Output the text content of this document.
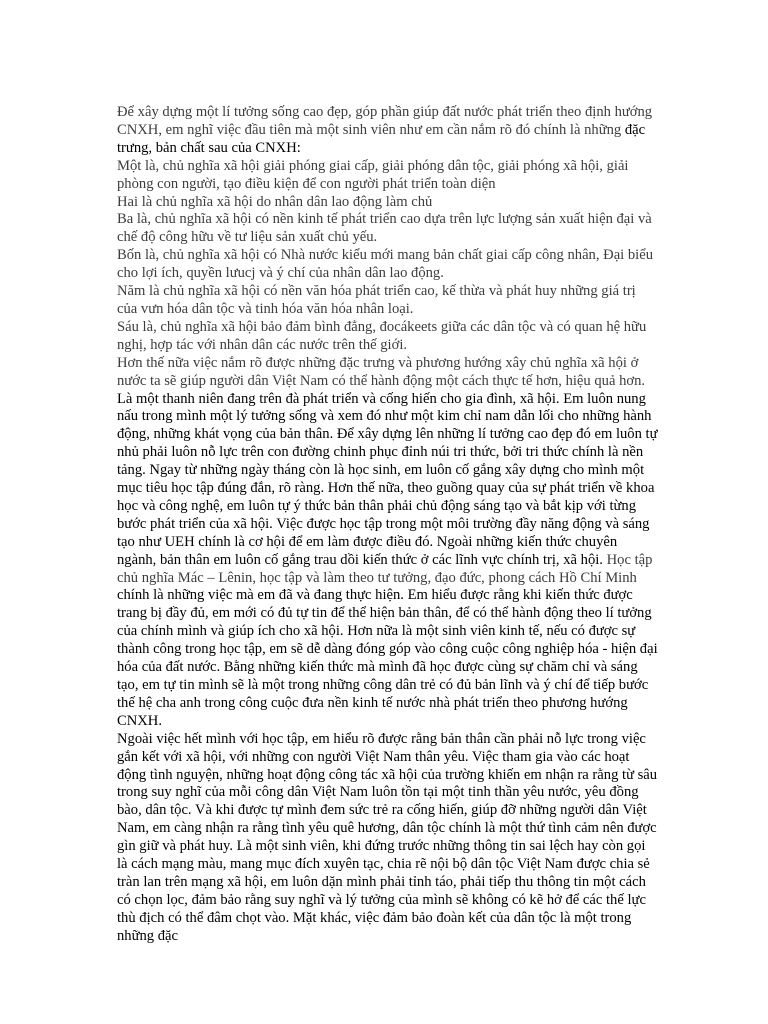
Để xây dựng một lí tưởng sống cao đẹp, góp phần giúp đất nước phát triển theo định hướng CNXH, em nghĩ việc đầu tiên mà một sinh viên như em cần nắm rõ đó chính là những đặc trưng, bản chất sau của CNXH:

Một là, chủ nghĩa xã hội giải phóng giai cấp, giải phóng dân tộc, giải phóng xã hội, giải phòng con người, tạo điều kiện để con người phát triển toàn diện

Hai là chủ nghĩa xã hội do nhân dân lao động làm chủ

Ba là, chủ nghĩa xã hội có nền kinh tế phát triển cao dựa trên lực lượng sản xuất hiện đại và chế độ công hữu về tư liệu sản xuất chủ yếu.

Bốn là, chủ nghĩa xã hội có Nhà nước kiểu mới mang bản chất giai cấp công nhân, Đại biểu cho lợi ích, quyền lưucj và ý chí của nhân dân lao động.

Năm là chủ nghĩa xã hội có nền văn hóa phát triển cao, kế thừa và phát huy những giá trị của vưn hóa dân tộc và tinh hóa văn hóa nhân loại.

Sáu là, chủ nghĩa xã hội bảo đảm bình đẳng, đocákeets giữa các dân tộc và có quan hệ hữu nghị, hợp tác với nhân dân các nước trên thế giới.

Hơn thế nữa việc nắm rõ được những đặc trưng và phương hướng xây chủ nghĩa xã hội ở nước ta sẽ giúp người dân Việt Nam có thể hành động một cách thực tế hơn, hiệu quả hơn.

Là một thanh niên đang trên đà phát triển và cống hiến cho gia đình, xã hội. Em luôn nung nấu trong mình một lý tưởng sống và xem đó như một kim chỉ nam dẫn lối cho những hành động, những khát vọng của bản thân. Để xây dựng lên những lí tưởng cao đẹp đó em luôn tự nhủ phải luôn nỗ lực trên con đường chinh phục đỉnh núi tri thức, bởi tri thức chính là nền tảng. Ngay từ những ngày tháng còn là học sinh, em luôn cố gắng xây dựng cho mình một mục tiêu học tập đúng đắn, rõ ràng. Hơn thế nữa, theo guồng quay của sự phát triển về khoa học và công nghệ, em luôn tự ý thức bản thân phải chủ động sáng tạo và bắt kịp với từng bước phát triển của xã hội. Việc được học tập trong một môi trường đầy năng động và sáng tạo như UEH chính là cơ hội để em làm được điều đó. Ngoài những kiến thức chuyên ngành, bản thân em luôn cố gắng trau dồi kiến thức ở các lĩnh vực chính trị, xã hội. Học tập chủ nghĩa Mác – Lênin, học tập và làm theo tư tưởng, đạo đức, phong cách Hồ Chí Minh chính là những việc mà em đã và đang thực hiện. Em hiểu được rằng khi kiến thức được trang bị đầy đủ, em mới có đủ tự tin để thể hiện bản thân, để có thể hành động theo lí tưởng của chính mình và giúp ích cho xã hội. Hơn nữa là một sinh viên kinh tế, nếu có được sự thành công trong học tập, em sẽ dễ dàng đóng góp vào công cuộc công nghiệp hóa - hiện đại hóa của đất nước. Bằng những kiến thức mà mình đã học được cùng sự chăm chỉ và sáng tạo, em tự tin mình sẽ là một trong những công dân trẻ có đủ bản lĩnh và ý chí để tiếp bước thế hệ cha anh trong công cuộc đưa nền kinh tế nước nhà phát triển theo phương hướng CNXH.

Ngoài việc hết mình với học tập, em hiểu rõ được rằng bản thân cần phải nỗ lực trong việc gắn kết với xã hội, với những con người Việt Nam thân yêu. Việc tham gia vào các hoạt động tình nguyện, những hoạt động công tác xã hội của trường khiến em nhận ra rằng từ sâu trong suy nghĩ của mỗi công dân Việt Nam luôn tồn tại một tinh thần yêu nước, yêu đồng bào, dân tộc. Và khi được tự mình đem sức trẻ ra cống hiến, giúp đỡ những người dân Việt Nam, em càng nhận ra rằng tình yêu quê hương, dân tộc chính là một thứ tình cảm nên được gìn giữ và phát huy. Là một sinh viên, khi đứng trước những thông tin sai lệch hay còn gọi là cách mạng màu, mang mục đích xuyên tạc, chia rẽ nội bộ dân tộc Việt Nam được chia sẻ tràn lan trên mạng xã hội, em luôn dặn mình phải tỉnh táo, phải tiếp thu thông tin một cách có chọn lọc, đảm bảo rằng suy nghĩ và lý tưởng của mình sẽ không có kẽ hở để các thế lực thù địch có thể đâm chọt vào. Mặt khác, việc đảm bảo đoàn kết của dân tộc là một trong những đặc
